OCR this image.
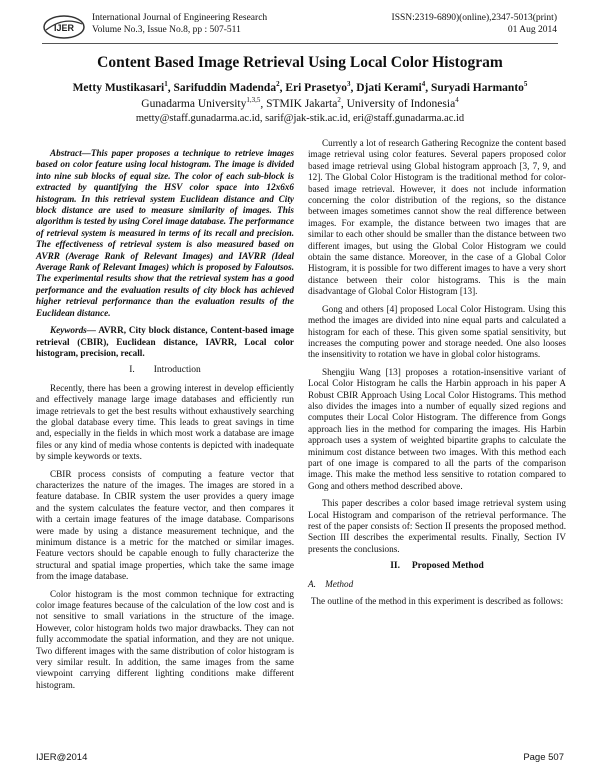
IJER
International Journal of Engineering Research
Volume No.3, Issue No.8, pp : 507-511
ISSN:2319-6890)(online),2347-5013(print)
01 Aug 2014
Content Based Image Retrieval Using Local Color Histogram
Metty Mustikasari$^1$, Sarifuddin Madenda$^2$, Eri Prasetyo$^3$, Djati Kerami$^4$, Suryadi Harmanto$^5$
Gunadarma University$^{1,3,5}$, STMIK Jakarta$^2$, University of Indonesia$^4$
metty@staff.gunadarma.ac.id, sarif@jak-stik.ac.id, eri@staff.gunadarma.ac.id

Abstract—This paper proposes a technique to retrieve images based on color feature using local histogram. The image is divided into nine sub blocks of equal size. The color of each sub-block is extracted by quantifying the HSV color space into 12x6x6 histogram. In this retrieval system Euclidean distance and City block distance are used to measure similarity of images. This algorithm is tested by using Corel image database. The performance of retrieval system is measured in terms of its recall and precision. The effectiveness of retrieval system is also measured based on AVRR (Average Rank of Relevant Images) and IAVRR (Ideal Average Rank of Relevant Images) which is proposed by Faloutsos. The experimental results show that the retrieval system has a good performance and the evaluation results of city block has achieved higher retrieval performance than the evaluation results of the Euclidean distance.

Keywords— AVRR, City block distance, Content-based image retrieval (CBIR), Euclidean distance, IAVRR, Local color histogram, precision, recall.

I.        Introduction

Recently, there has been a growing interest in develop efficiently and effectively manage large image databases and efficiently run image retrievals to get the best results without exhaustively searching the global database every time. This leads to great savings in time and, especially in the fields in which most work a database are image files or any kind of media whose contents is depicted with inadequate by simple keywords or texts.

CBIR process consists of computing a feature vector that characterizes the nature of the images. The images are stored in a feature database. In CBIR system the user provides a query image and the system calculates the feature vector, and then compares it with a certain image features of the image database. Comparisons were made by using a distance measurement technique, and the minimum distance is a metric for the matched or similar images. Feature vectors should be capable enough to fully characterize the structural and spatial image properties, which take the same image from the image database.

Color histogram is the most common technique for extracting color image features because of the calculation of the low cost and is not sensitive to small variations in the structure of the image. However, color histogram holds two major drawbacks. They can not fully accommodate the spatial information, and they are not unique. Two different images with the same distribution of color histogram is very similar result. In addition, the same images from the same viewpoint carrying different lighting conditions make different histogram.

Currently a lot of research Gathering Recognize the content based image retrieval using color features. Several papers proposed color based image retrieval using Global histogram approach [3, 7, 9, and 12]. The Global Color Histogram is the traditional method for color-based image retrieval. However, it does not include information concerning the color distribution of the regions, so the distance between images sometimes cannot show the real difference between images. For example, the distance between two images that are similar to each other should be smaller than the distance between two different images, but using the Global Color Histogram we could obtain the same distance. Moreover, in the case of a Global Color Histogram, it is possible for two different images to have a very short distance between their color histograms. This is the main disadvantage of Global Color Histogram [13].

Gong and others [4] proposed Local Color Histogram. Using this method the images are divided into nine equal parts and calculated a histogram for each of these. This given some spatial sensitivity, but increases the computing power and storage needed. One also looses the insensitivity to rotation we have in global color histograms.

Shengjiu Wang [13] proposes a rotation-insensitive variant of Local Color Histogram he calls the Harbin approach in his paper A Robust CBIR Approach Using Local Color Histograms. This method also divides the images into a number of equally sized regions and computes their Local Color Histogram. The difference from Gongs approach lies in the method for comparing the images. His Harbin approach uses a system of weighted bipartite graphs to calculate the minimum cost distance between two images. With this method each part of one image is compared to all the parts of the comparison image. This make the method less sensitive to rotation compared to Gong and others method described above.

This paper describes a color based image retrieval system using Local Histogram and comparison of the retrieval performance. The rest of the paper consists of: Section II presents the proposed method. Section III describes the experimental results. Finally, Section IV presents the conclusions.

II.     Proposed Method

A.    Method

The outline of the method in this experiment is described as follows:

IJER@2014	Page 507
